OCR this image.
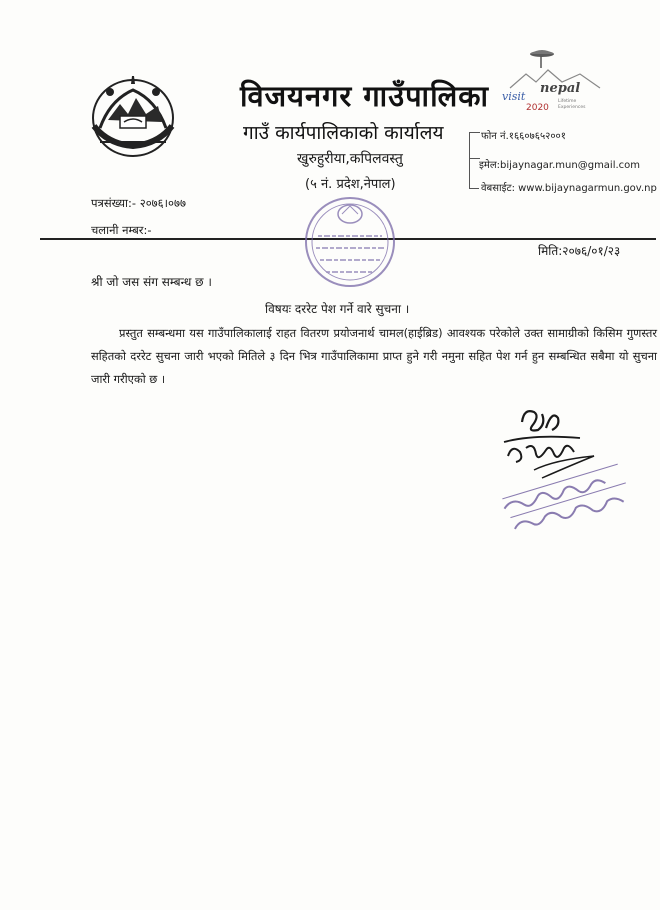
visit
nepal
2020
Lifetime
Experiences
विजयनगर गाउँपालिका
गाउँ कार्यपालिकाको कार्यालय
खुरुहुरीया,कपिलवस्तु
(५ नं. प्रदेश,नेपाल)
फोन नं.१६६०७६५२००१
इमेल:bijaynagar.mun@gmail.com
वेबसाईट: www.bijaynagarmun.gov.np
पत्रसंख्या:- २०७६।०७७
चलानी नम्बर:-
मिति:२०७६/०१/२३
श्री जो जस संग सम्बन्ध छ ।
विषयः दररेट पेश गर्ने वारे सुचना ।
प्रस्तुत सम्बन्धमा यस गाउँपालिकालाई राहत वितरण प्रयोजनार्थ चामल(हाईब्रिड) आवश्यक परेकोले उक्त सामाग्रीको किसिम गुणस्तर सहितको दररेट सुचना जारी भएको मितिले ३ दिन भित्र गाउँपालिकामा प्राप्त हुने गरी नमुना सहित पेश गर्न हुन सम्बन्धित सबैमा यो सुचना जारी गरीएको छ ।
